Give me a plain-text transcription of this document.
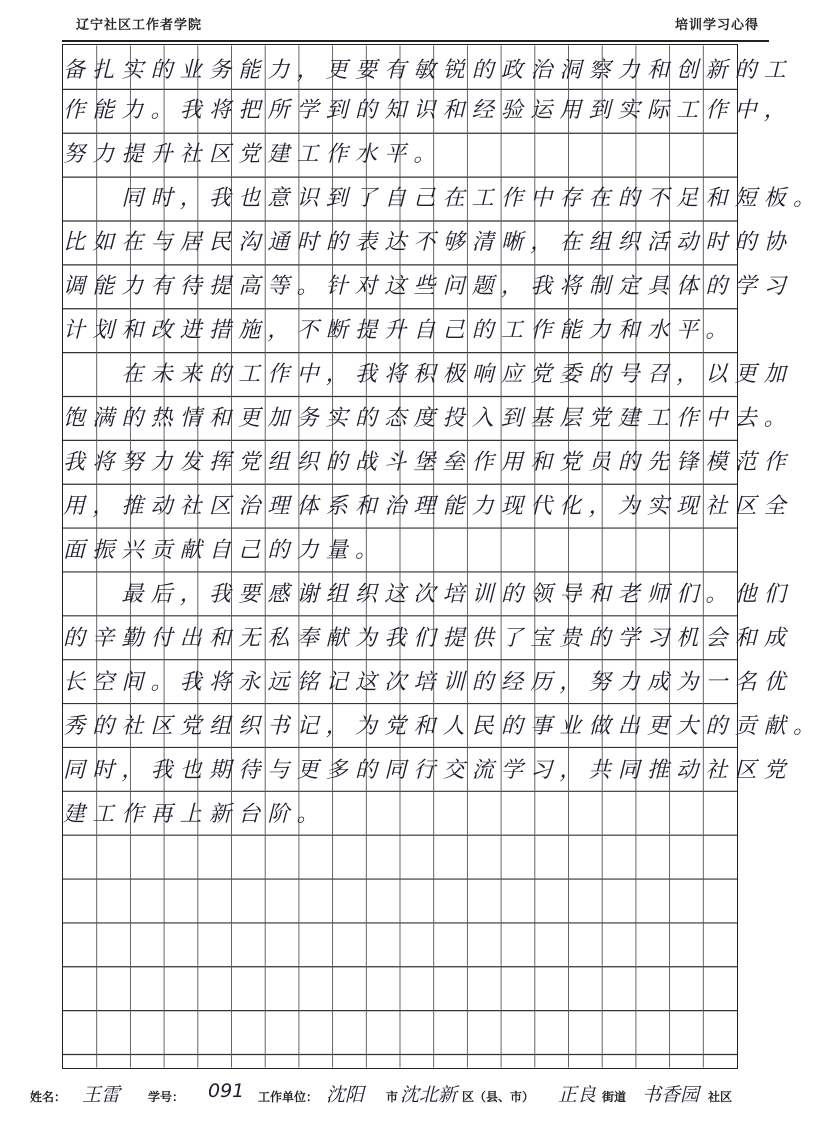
辽宁社区工作者学院	培训学习心得
备扎实的业务能力，更要有敏锐的政治洞察力和创新的工
作能力。我将把所学到的知识和经验运用到实际工作中，
努力提升社区党建工作水平。
　　同时，我也意识到了自己在工作中存在的不足和短板。
比如在与居民沟通时的表达不够清晰，在组织活动时的协
调能力有待提高等。针对这些问题，我将制定具体的学习
计划和改进措施，不断提升自己的工作能力和水平。
　　在未来的工作中，我将积极响应党委的号召，以更加
饱满的热情和更加务实的态度投入到基层党建工作中去。
我将努力发挥党组织的战斗堡垒作用和党员的先锋模范作
用，推动社区治理体系和治理能力现代化，为实现社区全
面振兴贡献自己的力量。
　　最后，我要感谢组织这次培训的领导和老师们。他们
的辛勤付出和无私奉献为我们提供了宝贵的学习机会和成
长空间。我将永远铭记这次培训的经历，努力成为一名优
秀的社区党组织书记，为党和人民的事业做出更大的贡献。
同时，我也期待与更多的同行交流学习，共同推动社区党
建工作再上新台阶。
姓名： 王雷 学号： 091 工作单位： 沈阳 市 沈北新 区（县、市） 正良 街道 书香园 社区
